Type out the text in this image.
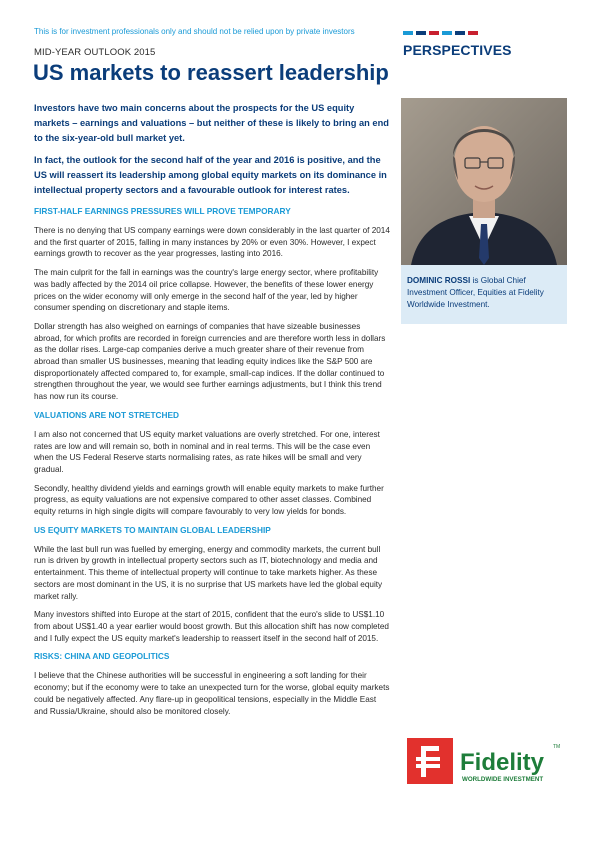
This is for investment professionals only and should not be relied upon by private investors
PERSPECTIVES
MID-YEAR OUTLOOK 2015
US markets to reassert leadership

Investors have two main concerns about the prospects for the US equity markets – earnings and valuations – but neither of these is likely to bring an end to the six-year-old bull market yet.

In fact, the outlook for the second half of the year and 2016 is positive, and the US will reassert its leadership among global equity markets on its dominance in intellectual property sectors and a favourable outlook for interest rates.

FIRST-HALF EARNINGS PRESSURES WILL PROVE TEMPORARY

There is no denying that US company earnings were down considerably in the last quarter of 2014 and the first quarter of 2015, falling in many instances by 20% or even 30%. However, I expect earnings growth to recover as the year progresses, lasting into 2016.

The main culprit for the fall in earnings was the country's large energy sector, where profitability was badly affected by the 2014 oil price collapse. However, the benefits of these lower energy prices on the wider economy will only emerge in the second half of the year, led by higher consumer spending on discretionary and staple items.

Dollar strength has also weighed on earnings of companies that have sizeable businesses abroad, for which profits are recorded in foreign currencies and are therefore worth less in dollars as the dollar rises. Large-cap companies derive a much greater share of their revenue from abroad than smaller US businesses, meaning that leading equity indices like the S&P 500 are disproportionately affected compared to, for example, small-cap indices. If the dollar continued to strengthen throughout the year, we would see further earnings adjustments, but I think this trend has now run its course.

VALUATIONS ARE NOT STRETCHED

I am also not concerned that US equity market valuations are overly stretched. For one, interest rates are low and will remain so, both in nominal and in real terms. This will be the case even when the US Federal Reserve starts normalising rates, as rate hikes will be small and very gradual.

Secondly, healthy dividend yields and earnings growth will enable equity markets to make further progress, as equity valuations are not expensive compared to other asset classes. Combined equity returns in high single digits will compare favourably to very low yields for bonds.

US EQUITY MARKETS TO MAINTAIN GLOBAL LEADERSHIP

While the last bull run was fuelled by emerging, energy and commodity markets, the current bull run is driven by growth in intellectual property sectors such as IT, biotechnology and media and entertainment. This theme of intellectual property will continue to take markets higher. As these sectors are most dominant in the US, it is no surprise that US markets have led the global equity market rally.

Many investors shifted into Europe at the start of 2015, confident that the euro's slide to US$1.10 from about US$1.40 a year earlier would boost growth. But this allocation shift has now completed and I fully expect the US equity market's leadership to reassert itself in the second half of 2015.

RISKS: CHINA AND GEOPOLITICS

I believe that the Chinese authorities will be successful in engineering a soft landing for their economy; but if the economy were to take an unexpected turn for the worse, global equity markets could be negatively affected. Any flare-up in geopolitical tensions, especially in the Middle East and Russia/Ukraine, should also be monitored closely.

DOMINIC ROSSI is Global Chief Investment Officer, Equities at Fidelity Worldwide Investment.
Fidelity
TM
WORLDWIDE INVESTMENT
